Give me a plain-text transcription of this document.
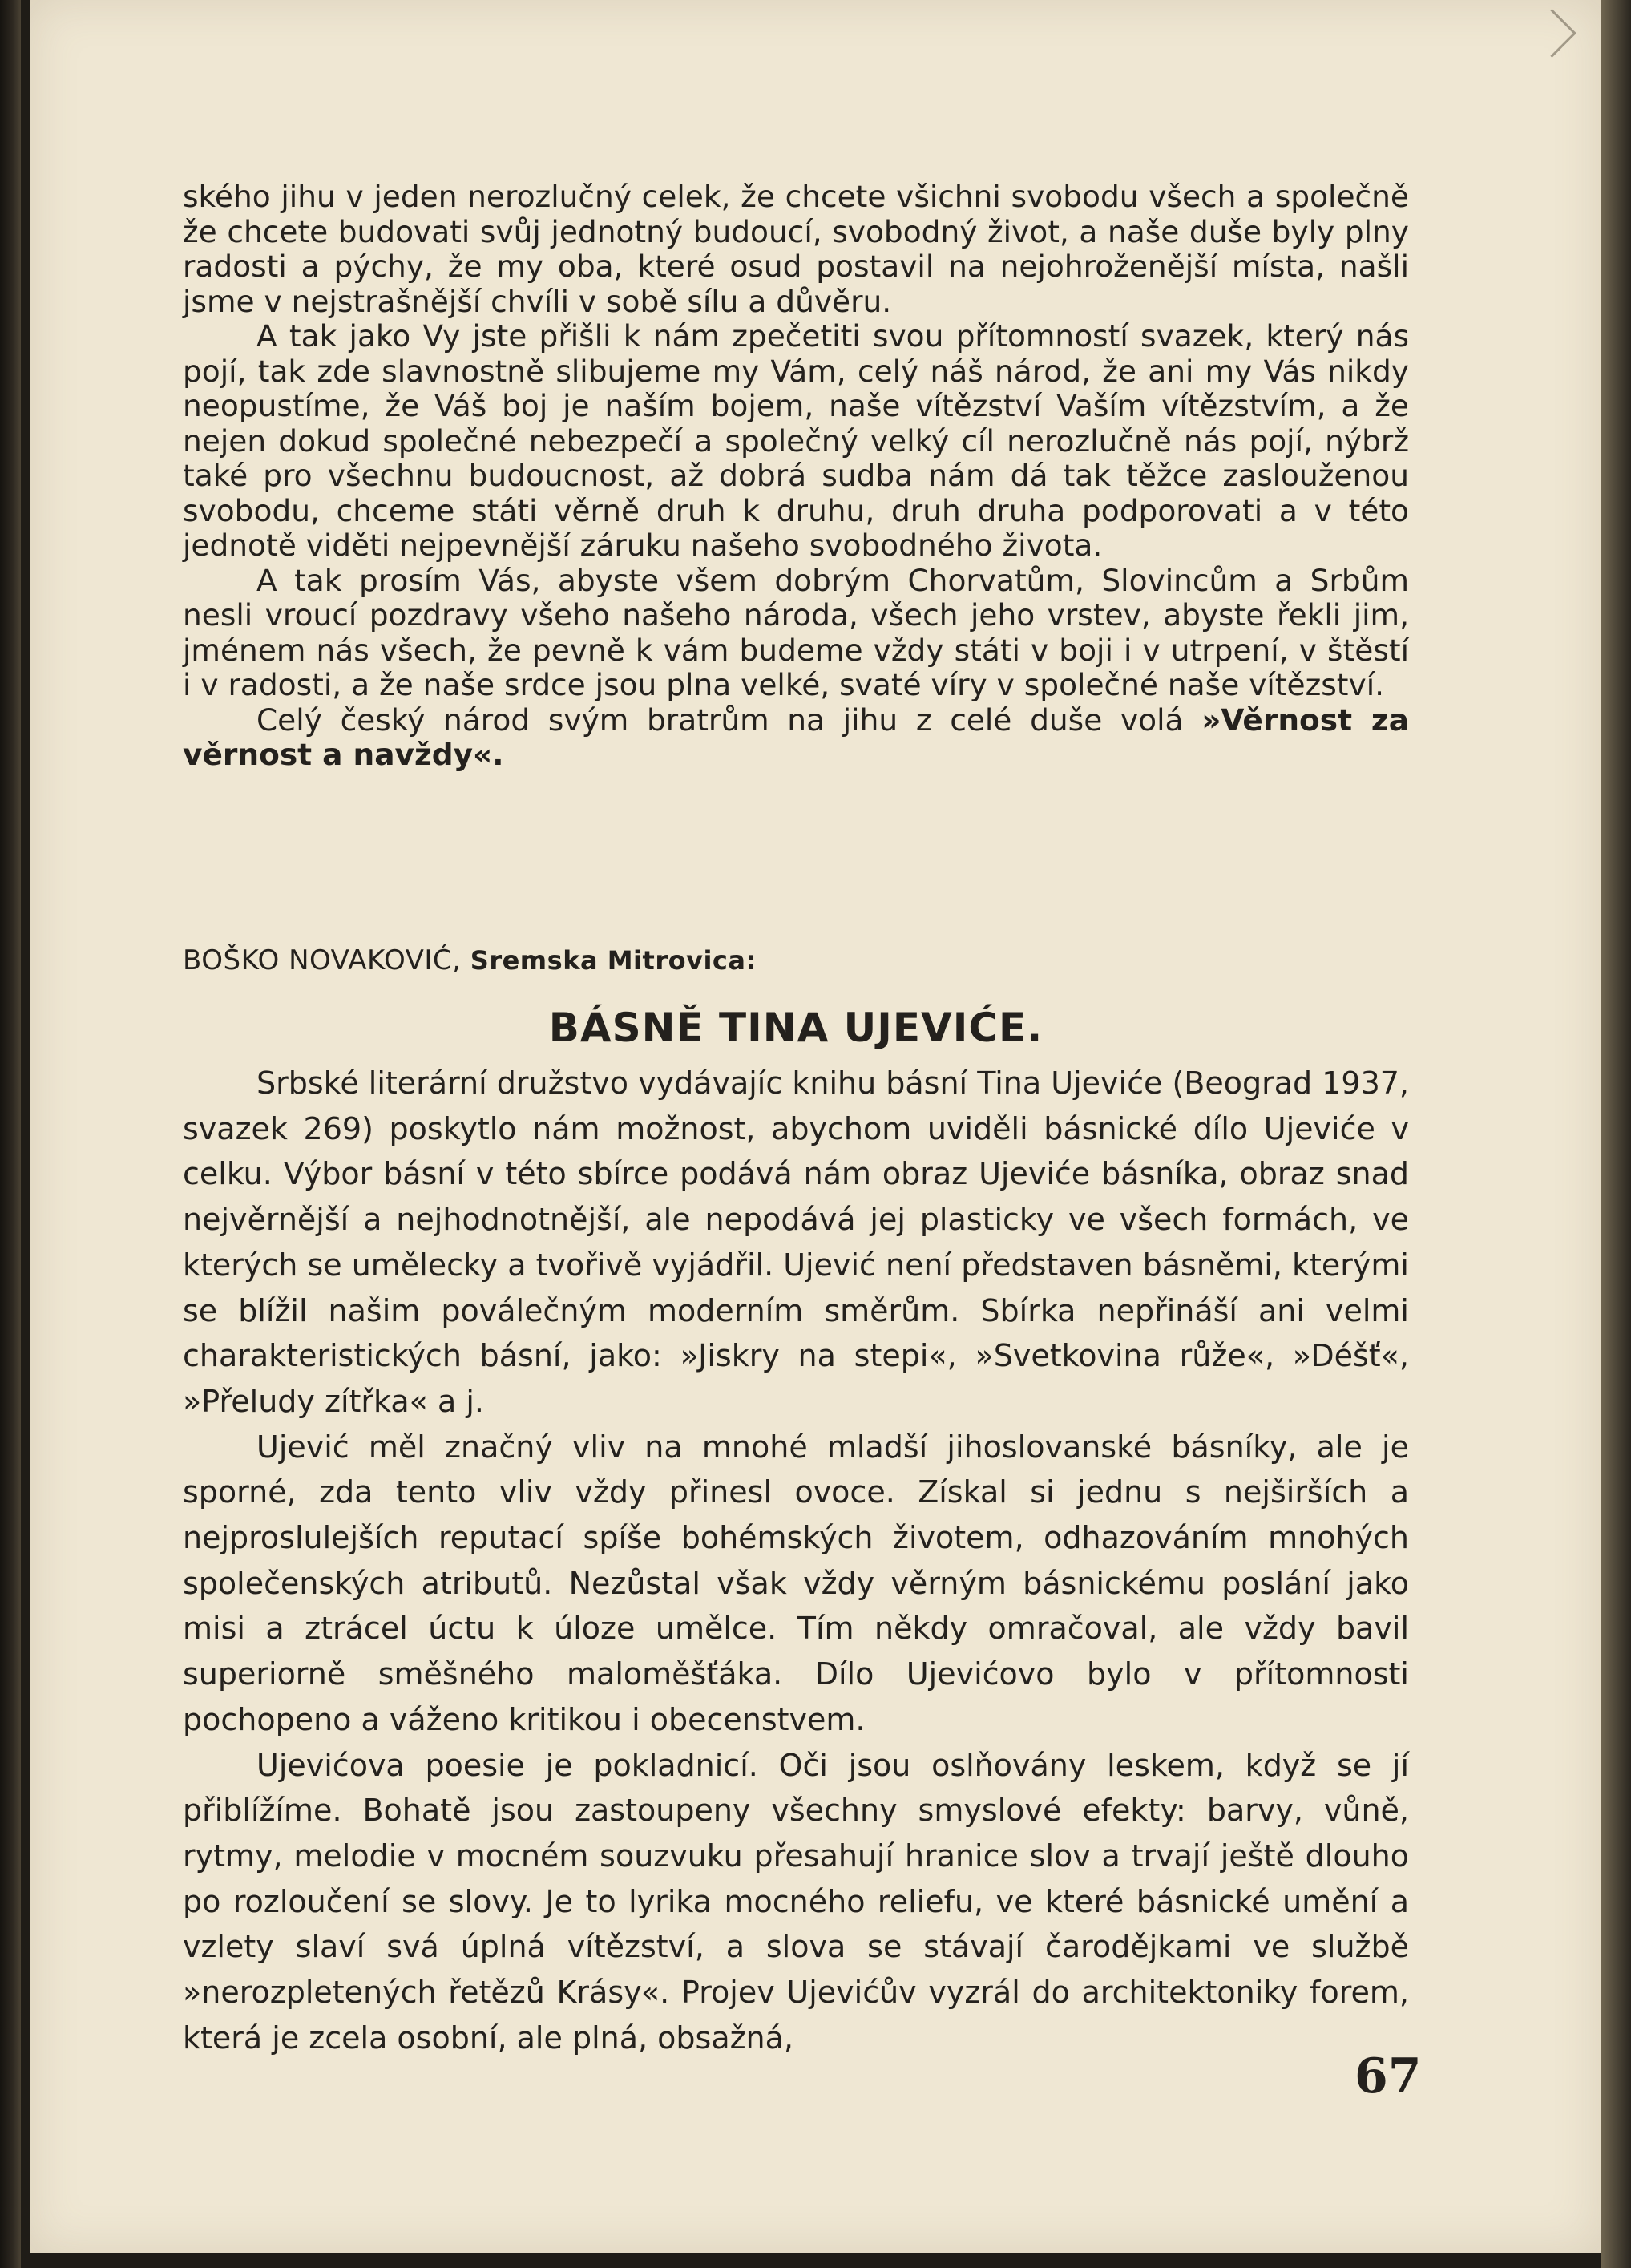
ského jihu v jeden nerozlučný celek, že chcete všichni svobodu všech a společně že chcete budovati svůj jednotný budoucí, svobodný život, a naše duše byly plny radosti a pýchy, že my oba, které osud postavil na nejohroženější místa, našli jsme v nejstrašnější chvíli v sobě sílu a důvěru.

A tak jako Vy jste přišli k nám zpečetiti svou přítomností svazek, který nás pojí, tak zde slavnostně slibujeme my Vám, celý náš národ, že ani my Vás nikdy neopustíme, že Váš boj je naším bojem, naše vítězství Vaším vítězstvím, a že nejen dokud společné nebezpečí a společný velký cíl nerozlučně nás pojí, nýbrž také pro všechnu budoucnost, až dobrá sudba nám dá tak těžce zaslouženou svobodu, chceme státi věrně druh k druhu, druh druha podporovati a v této jednotě viděti nejpevnější záruku našeho svobodného života.

A tak prosím Vás, abyste všem dobrým Chorvatům, Slovincům a Srbům nesli vroucí pozdravy všeho našeho národa, všech jeho vrstev, abyste řekli jim, jménem nás všech, že pevně k vám budeme vždy státi v boji i v utrpení, v štěstí i v radosti, a že naše srdce jsou plna velké, svaté víry v společné naše vítězství.

Celý český národ svým bratrům na jihu z celé duše volá »Věrnost za věrnost a navždy«.

BOŠKO NOVAKOVIĆ, Sremska Mitrovica:
BÁSNĚ TINA UJEVIĆE.

Srbské literární družstvo vydávajíc knihu básní Tina Ujeviće (Beograd 1937, svazek 269) poskytlo nám možnost, abychom uviděli básnické dílo Ujeviće v celku. Výbor básní v této sbírce podává nám obraz Ujeviće básníka, obraz snad nejvěrnější a nejhodnotnější, ale nepodává jej plasticky ve všech formách, ve kterých se umělecky a tvořivě vyjádřil. Ujević není představen básněmi, kterými se blížil našim poválečným moderním směrům. Sbírka nepřináší ani velmi charakteristických básní, jako: »Jiskry na stepi«, »Svetkovina růže«, »Déšť«, »Přeludy zítřka« a j.

Ujević měl značný vliv na mnohé mladší jihoslovanské básníky, ale je sporné, zda tento vliv vždy přinesl ovoce. Získal si jednu s nejširších a nejproslulejších reputací spíše bohémských životem, odhazováním mnohých společenských atributů. Nezůstal však vždy věrným básnickému poslání jako misi a ztrácel úctu k úloze umělce. Tím někdy omračoval, ale vždy bavil superiorně směšného maloměšťáka. Dílo Ujevićovo bylo v přítomnosti pochopeno a váženo kritikou i obecenstvem.

Ujevićova poesie je pokladnicí. Oči jsou oslňovány leskem, když se jí přiblížíme. Bohatě jsou zastoupeny všechny smyslové efekty: barvy, vůně, rytmy, melodie v mocném souzvuku přesahují hranice slov a trvají ještě dlouho po rozloučení se slovy. Je to lyrika mocného reliefu, ve které básnické umění a vzlety slaví svá úplná vítězství, a slova se stávají čarodějkami ve službě »nerozpletených řetězů Krásy«. Projev Ujevićův vyzrál do architektoniky forem, která je zcela osobní, ale plná, obsažná,

67
